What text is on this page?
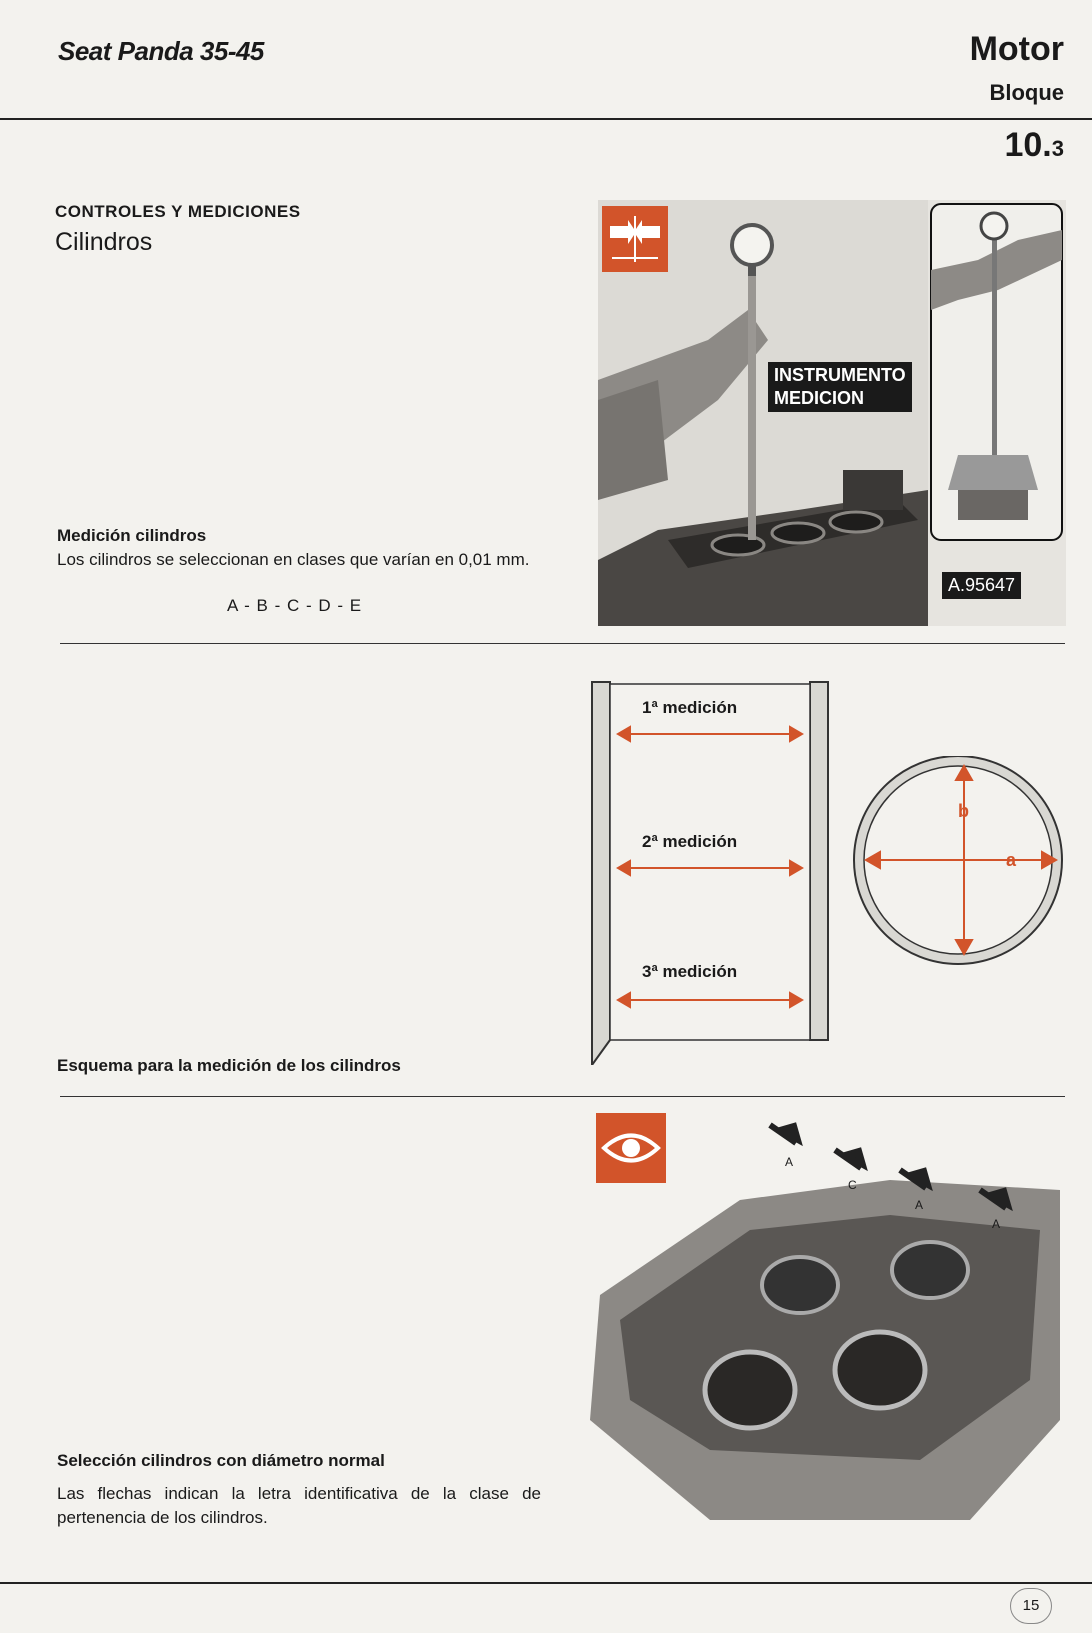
Seat Panda 35-45	Motor
Bloque
10.3
CONTROLES Y MEDICIONES
Cilindros
Medición cilindros
Los cilindros se seleccionan en clases que varían en 0,01 mm.
A - B - C - D - E
INSTRUMENTO
MEDICION
A.95647
1ª medición
2ª medición
3ª medición
b
a
Esquema para la medición de los cilindros
A
C
A
A
Selección cilindros con diámetro normal
Las flechas indican la letra identificativa de la clase de pertenencia de los cilindros.
15
